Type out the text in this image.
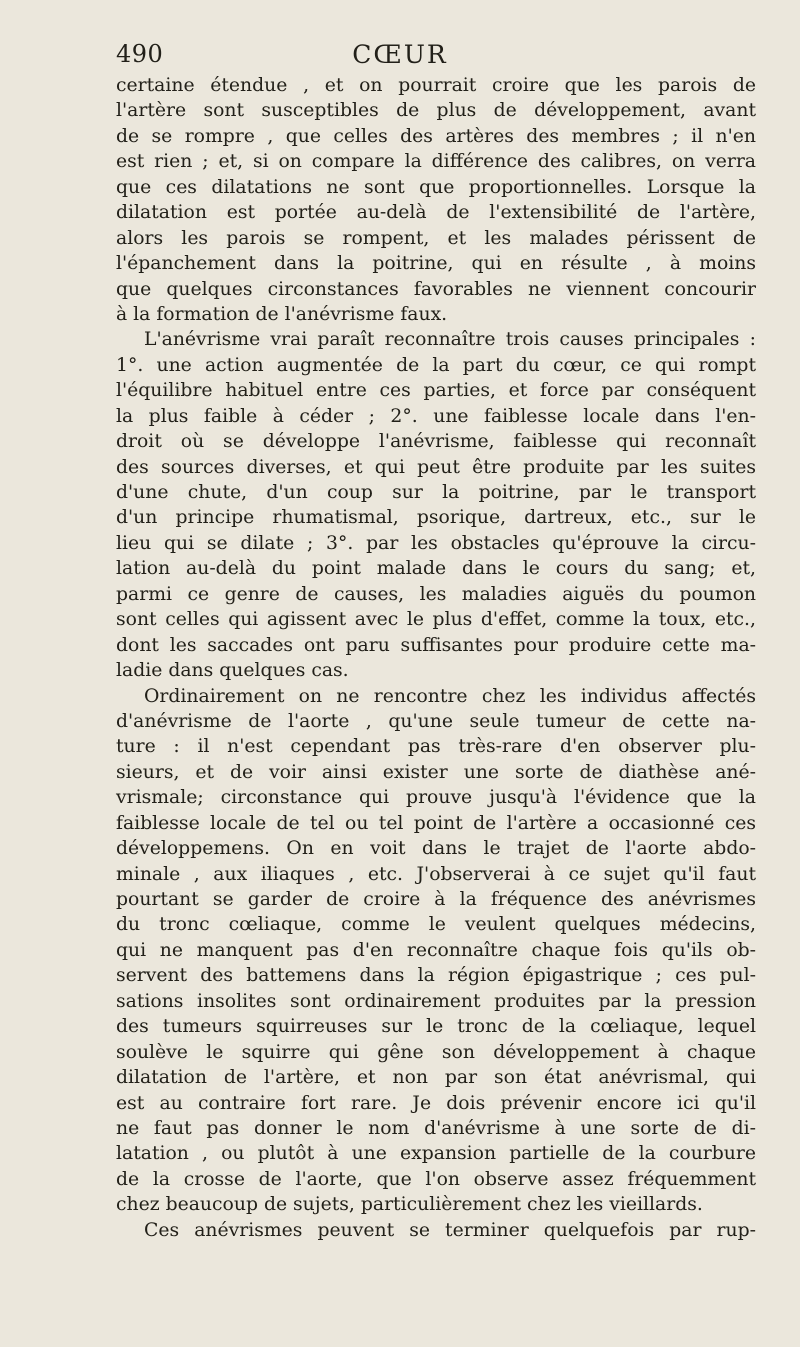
490	CŒUR
certaine étendue , et on pourrait croire que les parois de
l'artère sont susceptibles de plus de développement, avant
de se rompre , que celles des artères des membres ; il n'en
est rien ; et, si on compare la différence des calibres, on verra
que ces dilatations ne sont que proportionnelles. Lorsque la
dilatation est portée au-delà de l'extensibilité de l'artère,
alors les parois se rompent, et les malades périssent de
l'épanchement dans la poitrine, qui en résulte , à moins
que quelques circonstances favorables ne viennent concourir
à la formation de l'anévrisme faux.
L'anévrisme vrai paraît reconnaître trois causes principales :
1°. une action augmentée de la part du cœur, ce qui rompt
l'équilibre habituel entre ces parties, et force par conséquent
la plus faible à céder ; 2°. une faiblesse locale dans l'en-
droit où se développe l'anévrisme, faiblesse qui reconnaît
des sources diverses, et qui peut être produite par les suites
d'une chute, d'un coup sur la poitrine, par le transport
d'un principe rhumatismal, psorique, dartreux, etc., sur le
lieu qui se dilate ; 3°. par les obstacles qu'éprouve la circu-
lation au-delà du point malade dans le cours du sang; et,
parmi ce genre de causes, les maladies aiguës du poumon
sont celles qui agissent avec le plus d'effet, comme la toux, etc.,
dont les saccades ont paru suffisantes pour produire cette ma-
ladie dans quelques cas.
Ordinairement on ne rencontre chez les individus affectés
d'anévrisme de l'aorte , qu'une seule tumeur de cette na-
ture : il n'est cependant pas très-rare d'en observer plu-
sieurs, et de voir ainsi exister une sorte de diathèse ané-
vrismale; circonstance qui prouve jusqu'à l'évidence que la
faiblesse locale de tel ou tel point de l'artère a occasionné ces
développemens. On en voit dans le trajet de l'aorte abdo-
minale , aux iliaques , etc. J'observerai à ce sujet qu'il faut
pourtant se garder de croire à la fréquence des anévrismes
du tronc cœliaque, comme le veulent quelques médecins,
qui ne manquent pas d'en reconnaître chaque fois qu'ils ob-
servent des battemens dans la région épigastrique ; ces pul-
sations insolites sont ordinairement produites par la pression
des tumeurs squirreuses sur le tronc de la cœliaque, lequel
soulève le squirre qui gêne son développement à chaque
dilatation de l'artère, et non par son état anévrismal, qui
est au contraire fort rare. Je dois prévenir encore ici qu'il
ne faut pas donner le nom d'anévrisme à une sorte de di-
latation , ou plutôt à une expansion partielle de la courbure
de la crosse de l'aorte, que l'on observe assez fréquemment
chez beaucoup de sujets, particulièrement chez les vieillards.
Ces anévrismes peuvent se terminer quelquefois par rup-
